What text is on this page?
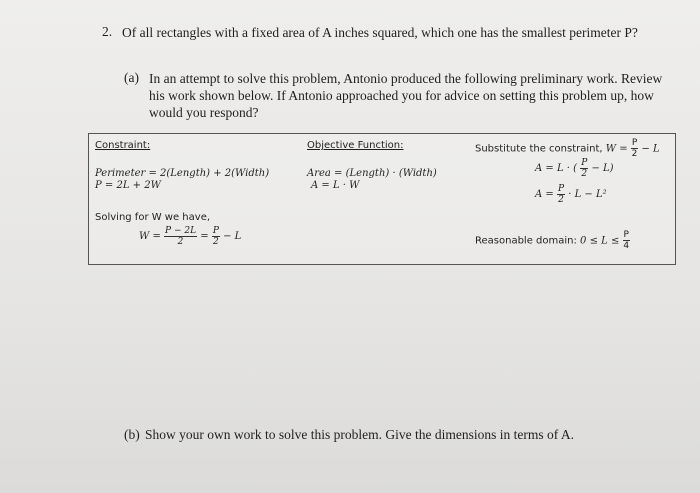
2. Of all rectangles with a fixed area of A inches squared, which one has the smallest perimeter P?
(a) In an attempt to solve this problem, Antonio produced the following preliminary work. Review his work shown below. If Antonio approached you for advice on setting this problem up, how would you respond?
Constraint:
Perimeter = 2(Length) + 2(Width)
P = 2L + 2W
Solving for W we have,
$W = \frac{P - 2L}{2} = \frac{P}{2} - L$
Objective Function:
Area = (Length) · (Width)
A = L · W
Substitute the constraint, $W = \frac{P}{2} - L$
A = L · ( $\frac{P}{2} - L$)
$A = \frac{P}{2} \cdot L - L^2$
Reasonable domain: $0 \le L \le \frac{P}{4}$
(b) Show your own work to solve this problem. Give the dimensions in terms of A.
